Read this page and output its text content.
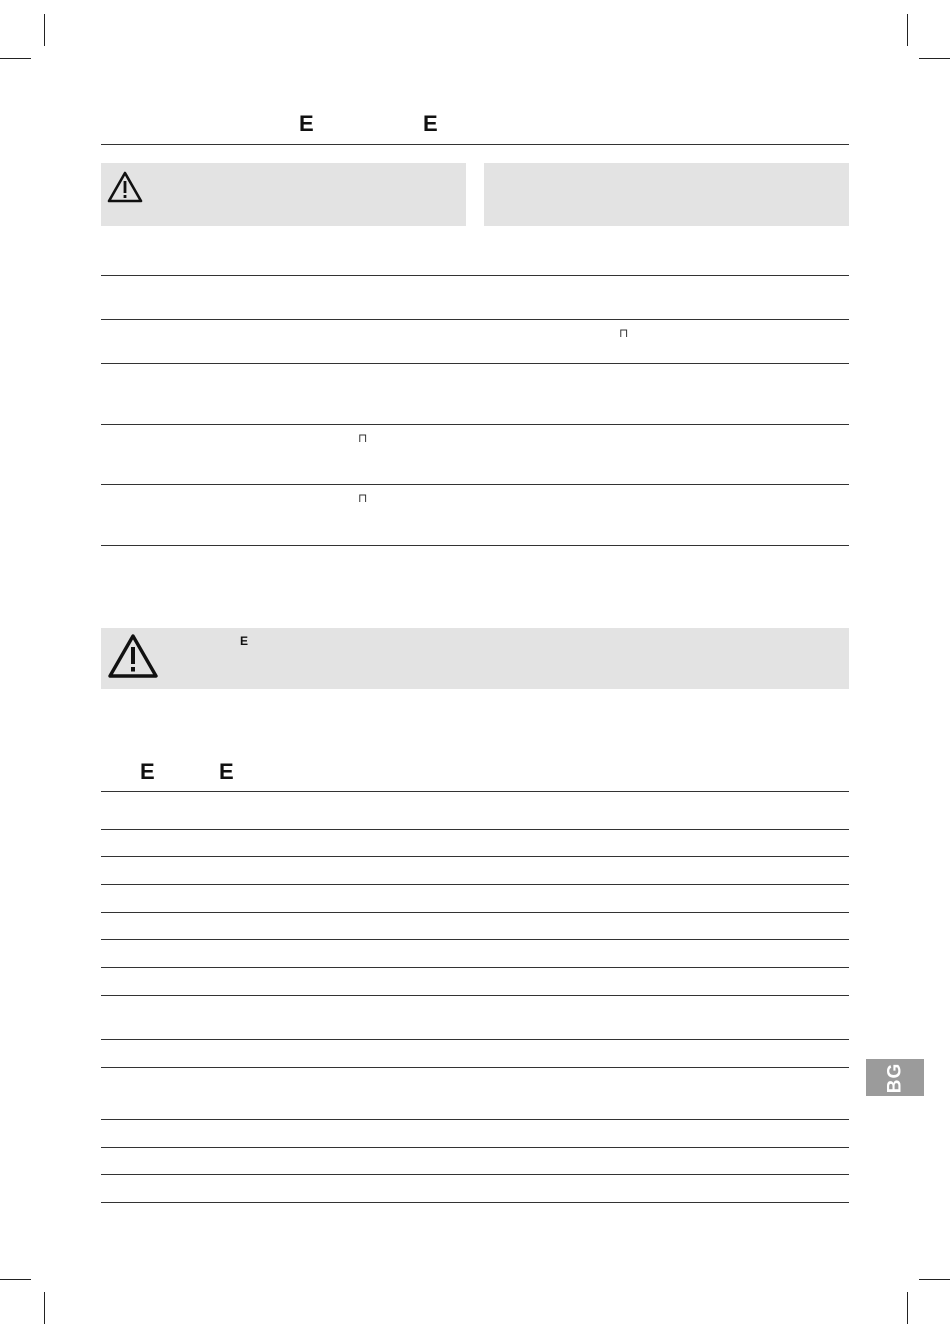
E	E
⊓
⊓
⊓
E
E	E
BG
